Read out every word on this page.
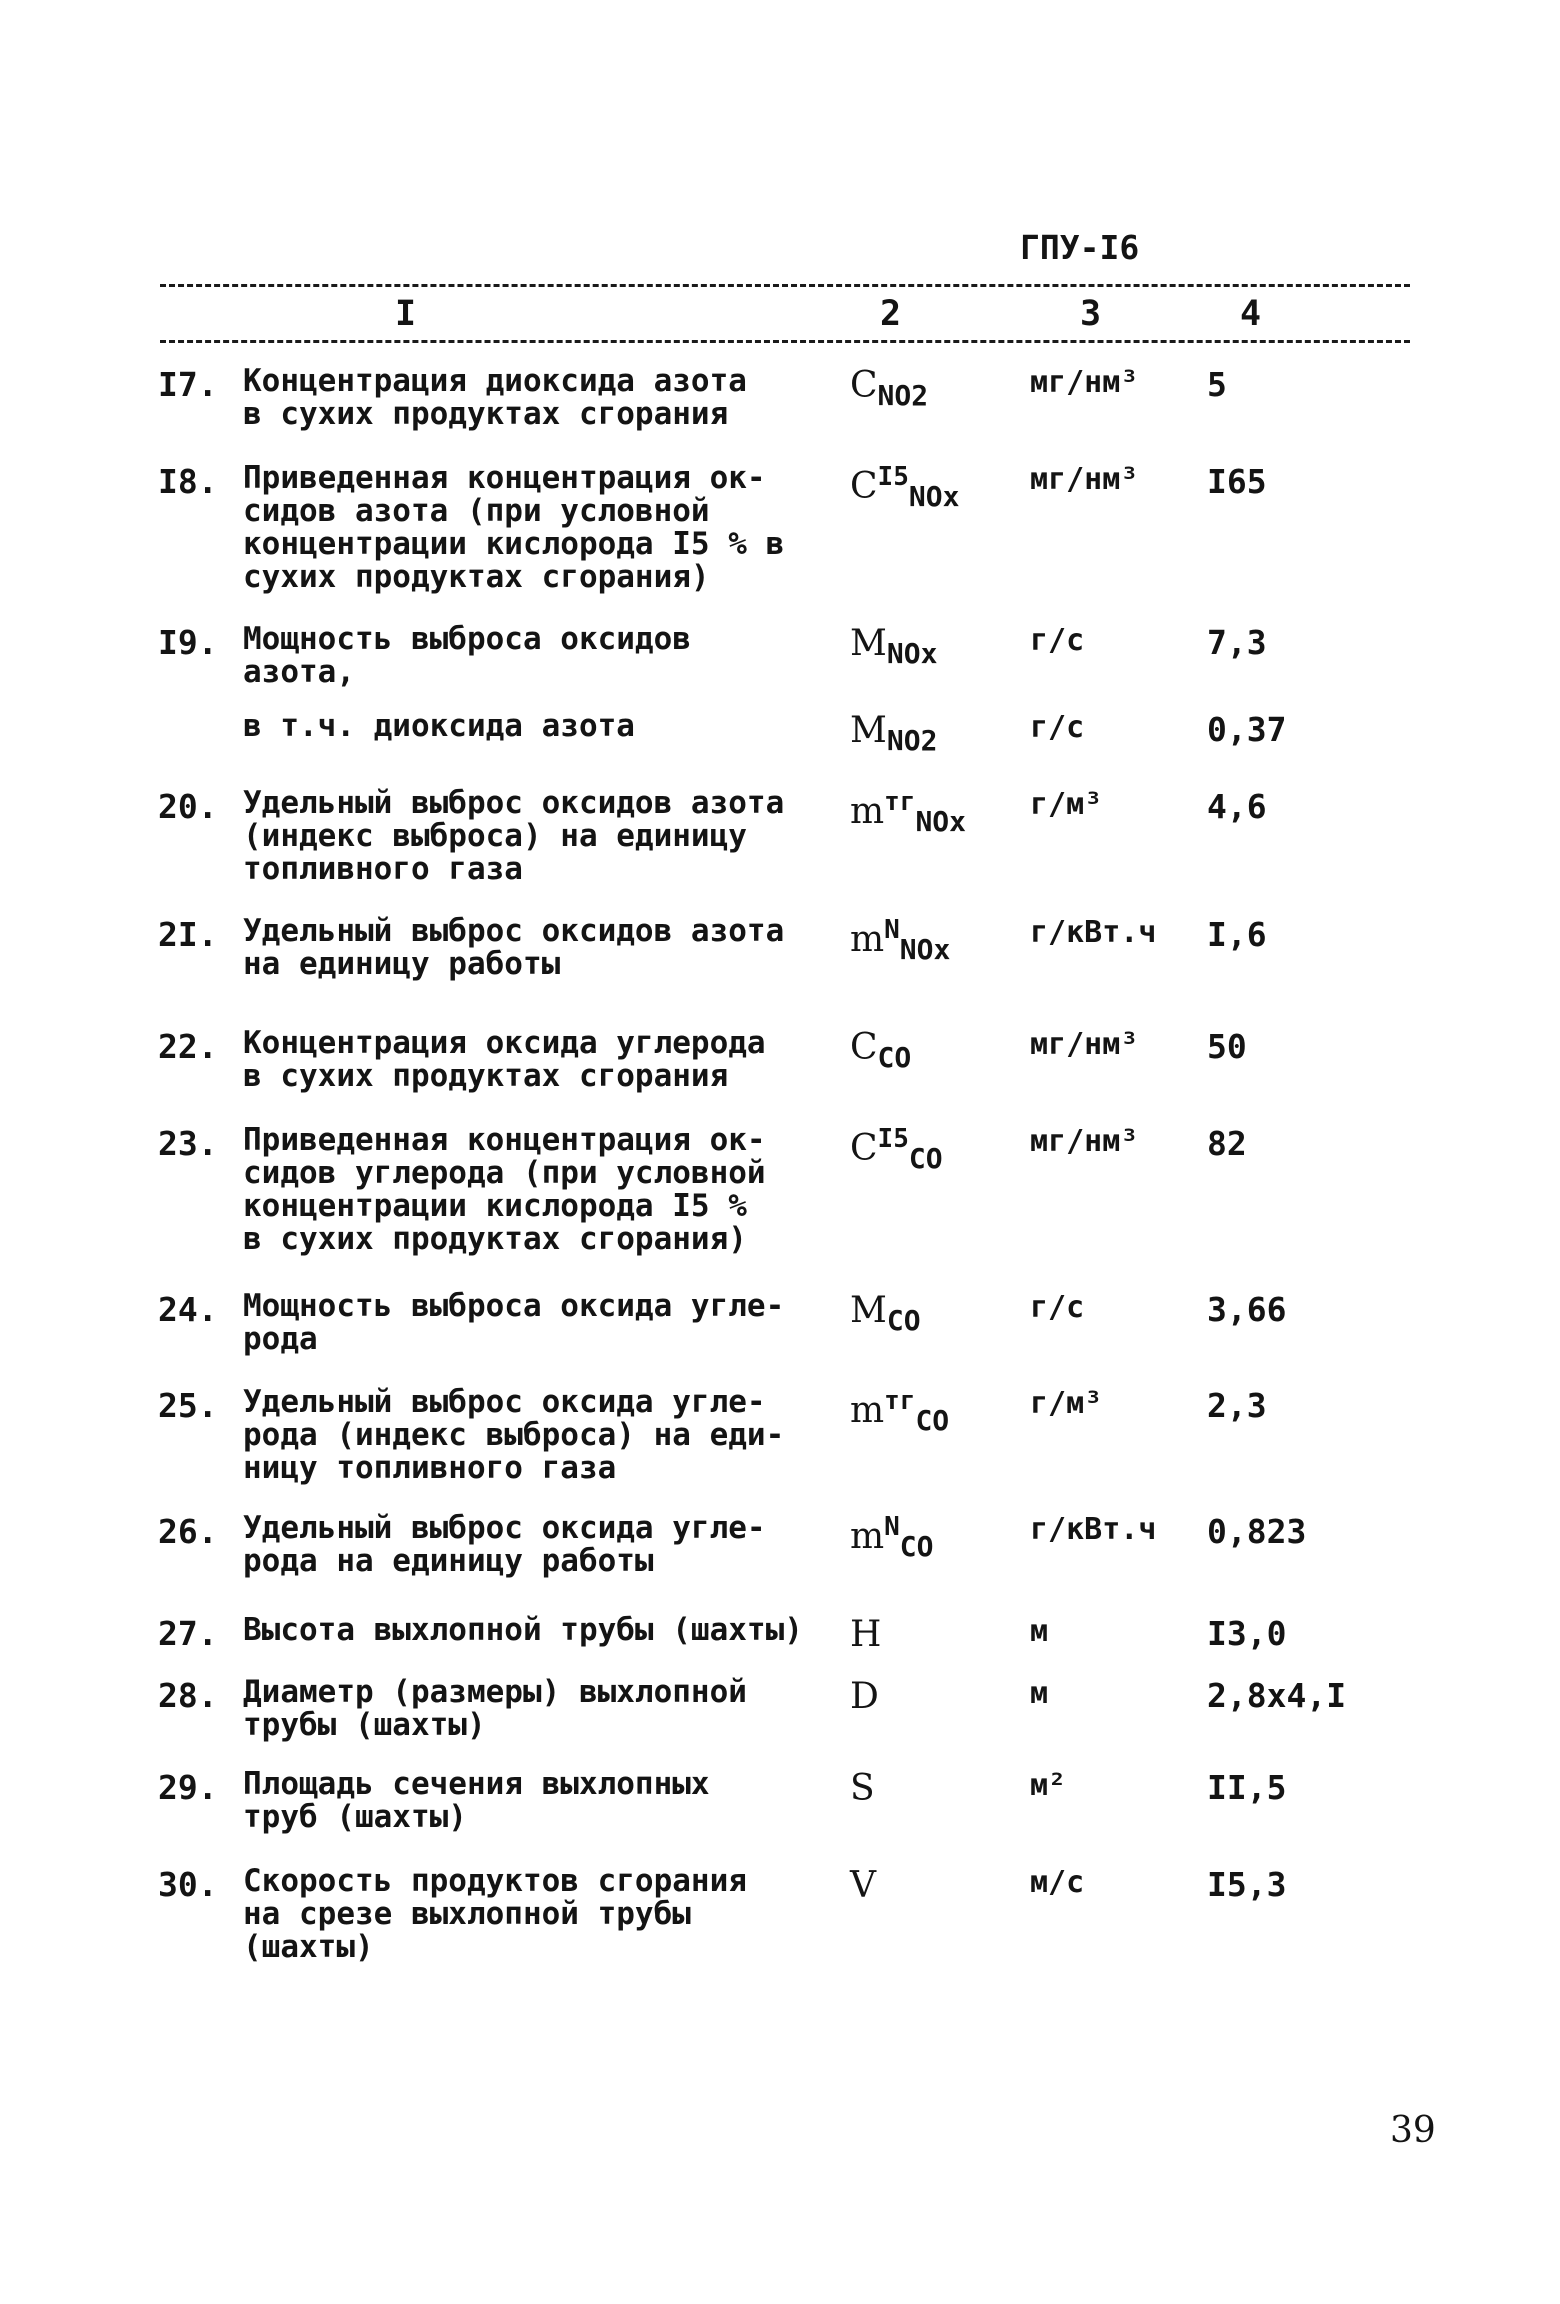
ГПУ-I6
I	2	3	4
I7. Концентрация диоксида азота
в сухих продуктах сгорания
$C_{NO2}$	мг/нм³ 5
I8. Приведенная концентрация ок-
сидов азота (при условной
концентрации кислорода I5 % в
сухих продуктах сгорания)
$C^{I5}_{NOx}$ мг/нм³ I65
I9. Мощность выброса оксидов
азота,
$M_{NOx}$	г/с	7,3
в т.ч. диоксида азота	$M_{NO2}$	г/с	0,37
20. Удельный выброс оксидов азота
(индекс выброса) на единицу
топливного газа
$m^{тг}_{NOx}$ г/м³	4,6
2I. Удельный выброс оксидов азота
на единицу работы
$m^N_{NOx}$	г/кВт.ч I,6
22. Концентрация оксида углерода
в сухих продуктах сгорания
$C_{CO}$	мг/нм³ 50
23. Приведенная концентрация ок-
сидов углерода (при условной
концентрации кислорода I5 %
в сухих продуктах сгорания)
$C^{I5}_{CO}$	мг/нм³ 82
24. Мощность выброса оксида угле-
рода
$M_{CO}$	г/с	3,66
25. Удельный выброс оксида угле-
рода (индекс выброса) на еди-
ницу топливного газа
$m^{тг}_{CO}$	г/м³	2,3
26. Удельный выброс оксида угле-
рода на единицу работы
$m^N_{CO}$	г/кВт.ч 0,823
27. Высота выхлопной трубы (шахты)	H	м	I3,0
28. Диаметр (размеры) выхлопной
трубы (шахты)
D	м	2,8х4,I
29. Площадь сечения выхлопных
труб (шахты)
S	м²	II,5
30. Скорость продуктов сгорания
на срезе выхлопной трубы
(шахты)
V	м/с	I5,3
39
